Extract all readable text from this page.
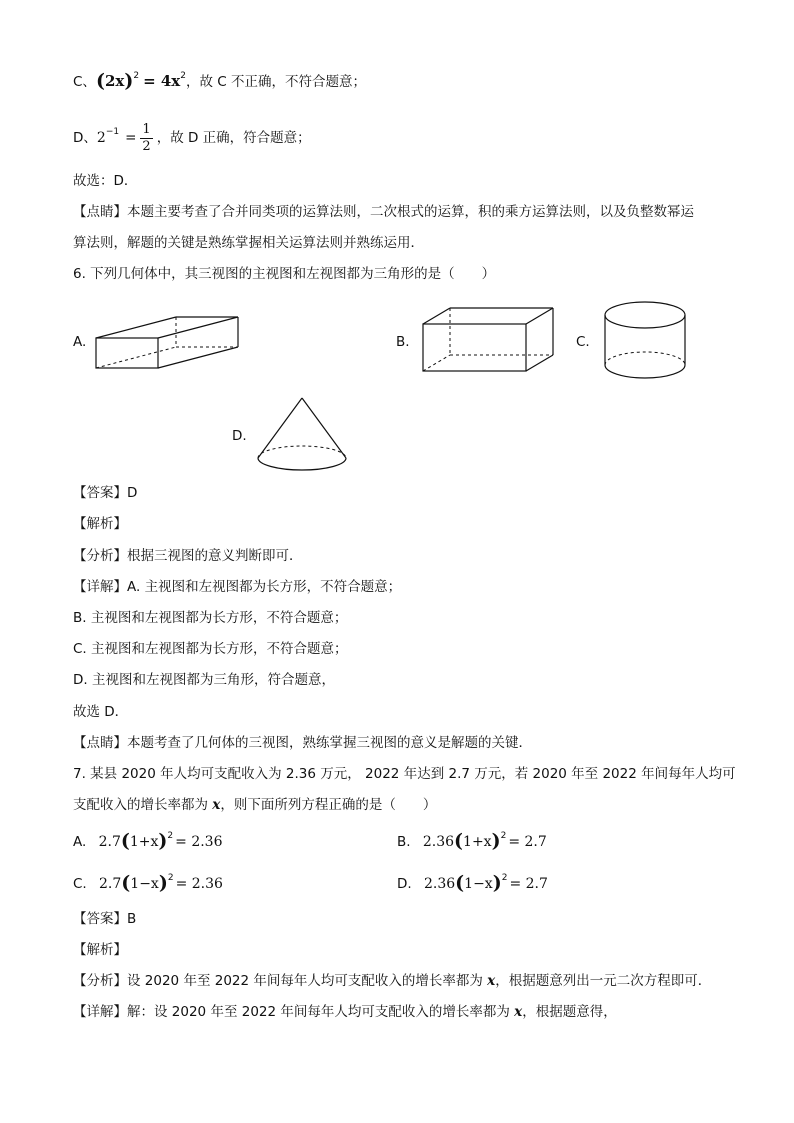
C、$(2x)^2 = 4x^2$，故 C 不正确，不符合题意；
D、$2^{-1} = \frac{1}{2}$ ，故 D 正确，符合题意；
故选：D．
【点睛】本题主要考查了合并同类项的运算法则，二次根式的运算，积的乘方运算法则，以及负整数幂运
算法则，解题的关键是熟练掌握相关运算法则并熟练运用．
6. 下列几何体中，其三视图的主视图和左视图都为三角形的是（　　）
A.	B.	C.
D.
【答案】D
【解析】
【分析】根据三视图的意义判断即可．
【详解】A. 主视图和左视图都为长方形，不符合题意；
B. 主视图和左视图都为长方形，不符合题意；
C. 主视图和左视图都为长方形，不符合题意；
D. 主视图和左视图都为三角形，符合题意，
故选 D．
【点睛】本题考查了几何体的三视图，熟练掌握三视图的意义是解题的关键．
7. 某县 2020 年人均可支配收入为 2.36 万元， 2022 年达到 2.7 万元，若 2020 年至 2022 年间每年人均可
支配收入的增长率都为 x，则下面所列方程正确的是（　　）
A. $2.7(1+x)^2 = 2.36$	B. $2.36(1+x)^2 = 2.7$
C. $2.7(1-x)^2 = 2.36$	D. $2.36(1-x)^2 = 2.7$
【答案】B
【解析】
【分析】设 2020 年至 2022 年间每年人均可支配收入的增长率都为 x，根据题意列出一元二次方程即可．
【详解】解：设 2020 年至 2022 年间每年人均可支配收入的增长率都为 x，根据题意得，
